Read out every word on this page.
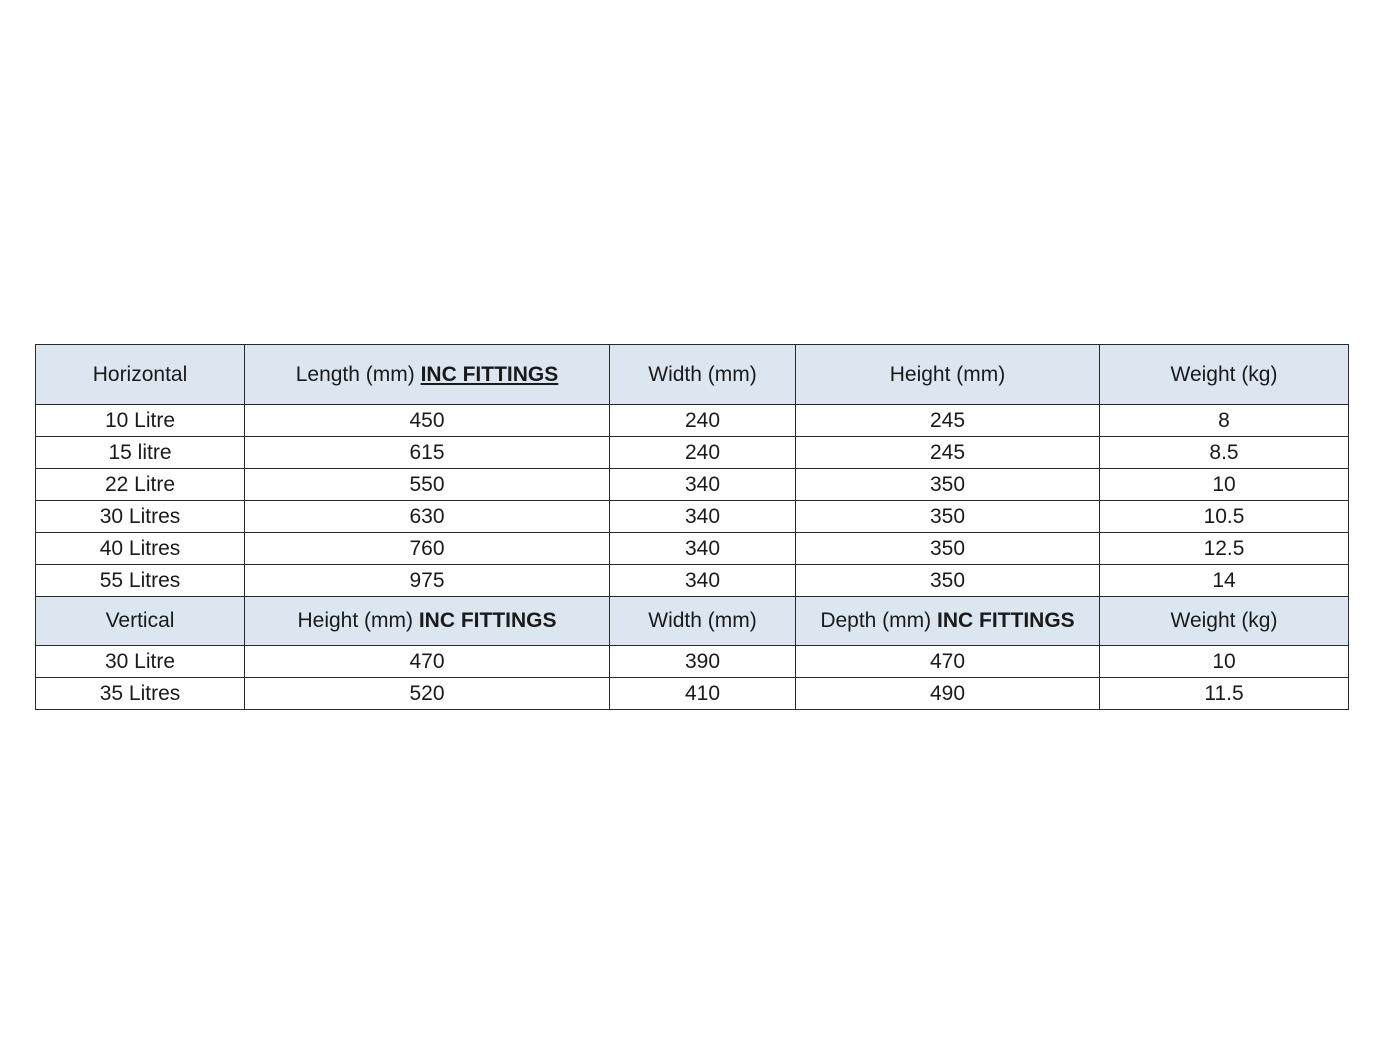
Horizontal	Length (mm) INC FITTINGS	Width (mm)	Height (mm)	Weight (kg)
10 Litre	450	240	245	8
15 litre	615	240	245	8.5
22 Litre	550	340	350	10
30 Litres	630	340	350	10.5
40 Litres	760	340	350	12.5
55 Litres	975	340	350	14
Vertical	Height (mm) INC FITTINGS	Width (mm)	Depth (mm) INC FITTINGS	Weight (kg)
30 Litre	470	390	470	10
35 Litres	520	410	490	11.5
